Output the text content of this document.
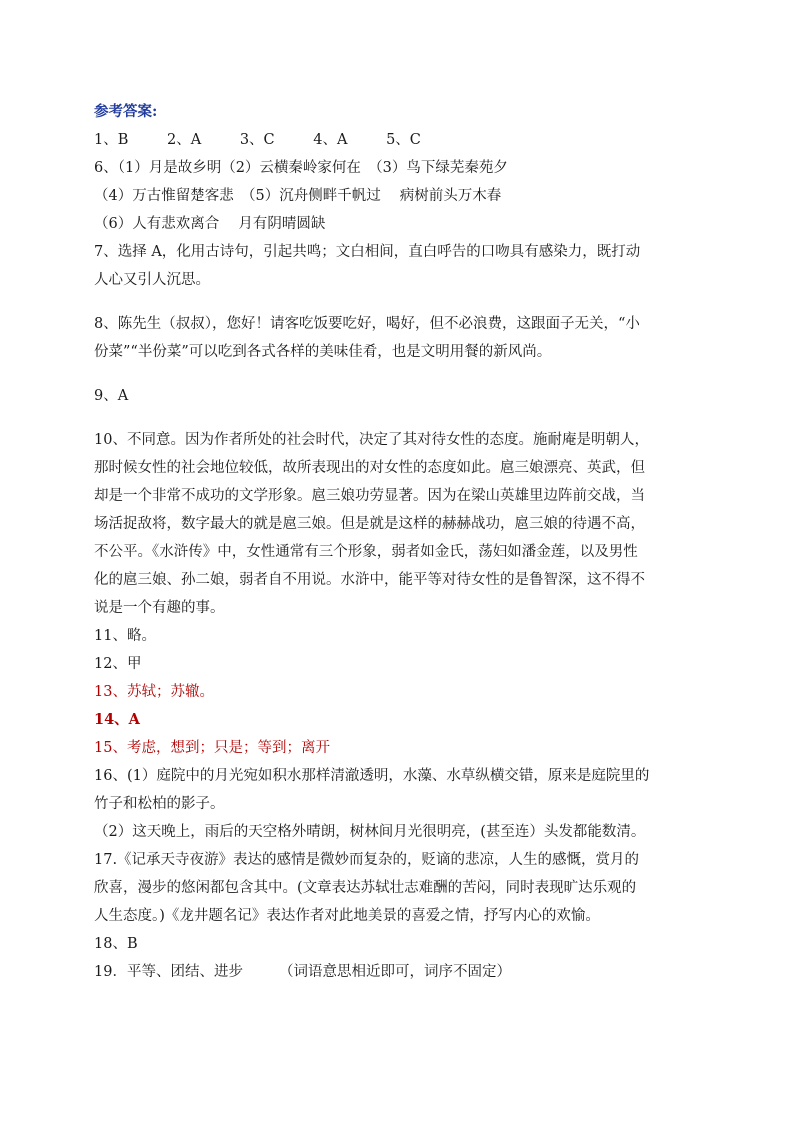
参考答案:
1、B	2、A	3、C	4、A	5、C
6、（1）月是故乡明（2）云横秦岭家何在　（3）鸟下绿芜秦苑夕
（4）万古惟留楚客悲　（5）沉舟侧畔千帆过　 病树前头万木春
（6）人有悲欢离合　 月有阴晴圆缺
7、选择 A，化用古诗句，引起共鸣；文白相间，直白呼告的口吻具有感染力，既打动
人心又引人沉思。
8、陈先生（叔叔），您好！请客吃饭要吃好，喝好，但不必浪费，这跟面子无关，“小
份菜”“半份菜”可以吃到各式各样的美味佳肴，也是文明用餐的新风尚。
9、A
10、不同意。因为作者所处的社会时代，决定了其对待女性的态度。施耐庵是明朝人，
那时候女性的社会地位较低，故所表现出的对女性的态度如此。扈三娘漂亮、英武，但
却是一个非常不成功的文学形象。扈三娘功劳显著。因为在梁山英雄里边阵前交战，当
场活捉敌将，数字最大的就是扈三娘。但是就是这样的赫赫战功，扈三娘的待遇不高，
不公平。《水浒传》中，女性通常有三个形象，弱者如金氏，荡妇如潘金莲，以及男性
化的扈三娘、孙二娘，弱者自不用说。水浒中，能平等对待女性的是鲁智深，这不得不
说是一个有趣的事。
11、略。
12、甲
13、苏轼；苏辙。
14、A
15、考虑，想到；只是；等到；离开
16、(1）庭院中的月光宛如积水那样清澈透明，水藻、水草纵横交错，原来是庭院里的
竹子和松柏的影子。
（2）这天晚上，雨后的天空格外晴朗，树林间月光很明亮，(甚至连）头发都能数清。
17.《记承天寺夜游》表达的感情是微妙而复杂的，贬谪的悲凉，人生的感慨，赏月的
欣喜，漫步的悠闲都包含其中。(文章表达苏轼壮志难酬的苦闷，同时表现旷达乐观的
人生态度。)《龙井题名记》表达作者对此地美景的喜爱之情，抒写内心的欢愉。
18、B
19．平等、团结、进步 （词语意思相近即可，词序不固定）
